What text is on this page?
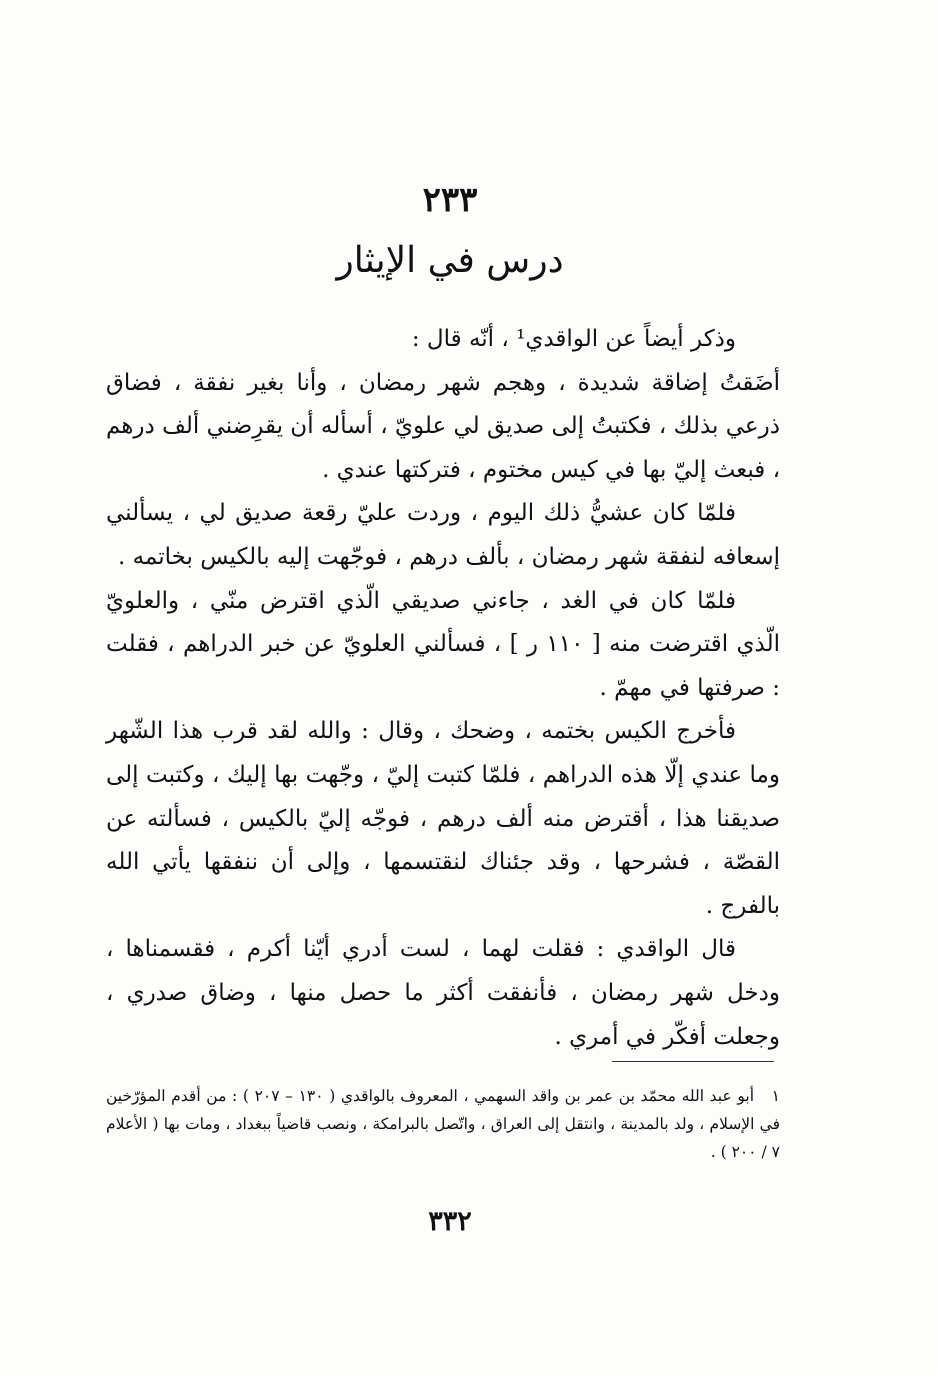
٢٣٣
درس في الإيثار

وذكر أيضاً عن الواقدي¹ ، أنّه قال :

أضَقتُ إضاقة شديدة ، وهجم شهر رمضان ، وأنا بغير نفقة ، فضاق ذرعي بذلك ، فكتبتُ إلى صديق لي علويّ ، أسأله أن يقرِضني ألف درهم ، فبعث إليّ بها في كيس مختوم ، فتركتها عندي .

فلمّا كان عشيُّ ذلك اليوم ، وردت عليّ رقعة صديق لي ، يسألني إسعافه لنفقة شهر رمضان ، بألف درهم ، فوجّهت إليه بالكيس بخاتمه .

فلمّا كان في الغد ، جاءني صديقي الّذي اقترض منّي ، والعلويّ الّذي اقترضت منه [ ١١٠ ر ] ، فسألني العلويّ عن خبر الدراهم ، فقلت : صرفتها في مهمّ .

فأخرج الكيس بختمه ، وضحك ، وقال : والله لقد قرب هذا الشّهر وما عندي إلّا هذه الدراهم ، فلمّا كتبت إليّ ، وجّهت بها إليك ، وكتبت إلى صديقنا هذا ، أقترض منه ألف درهم ، فوجّه إليّ بالكيس ، فسألته عن القصّة ، فشرحها ، وقد جئناك لنقتسمها ، وإلى أن ننفقها يأتي الله بالفرج .

قال الواقدي : فقلت لهما ، لست أدري أيّنا أكرم ، فقسمناها ، ودخل شهر رمضان ، فأنفقت أكثر ما حصل منها ، وضاق صدري ، وجعلت أفكّر في أمري .

١أبو عبد الله محمّد بن عمر بن واقد السهمي ، المعروف بالواقدي ( ١٣٠ – ٢٠٧ ) : من أقدم المؤرّخين في الإسلام ، ولد بالمدينة ، وانتقل إلى العراق ، واتّصل بالبرامكة ، ونصب قاضياً ببغداد ، ومات بها ( الأعلام ٧ / ٢٠٠ ) .

٣٣٢
